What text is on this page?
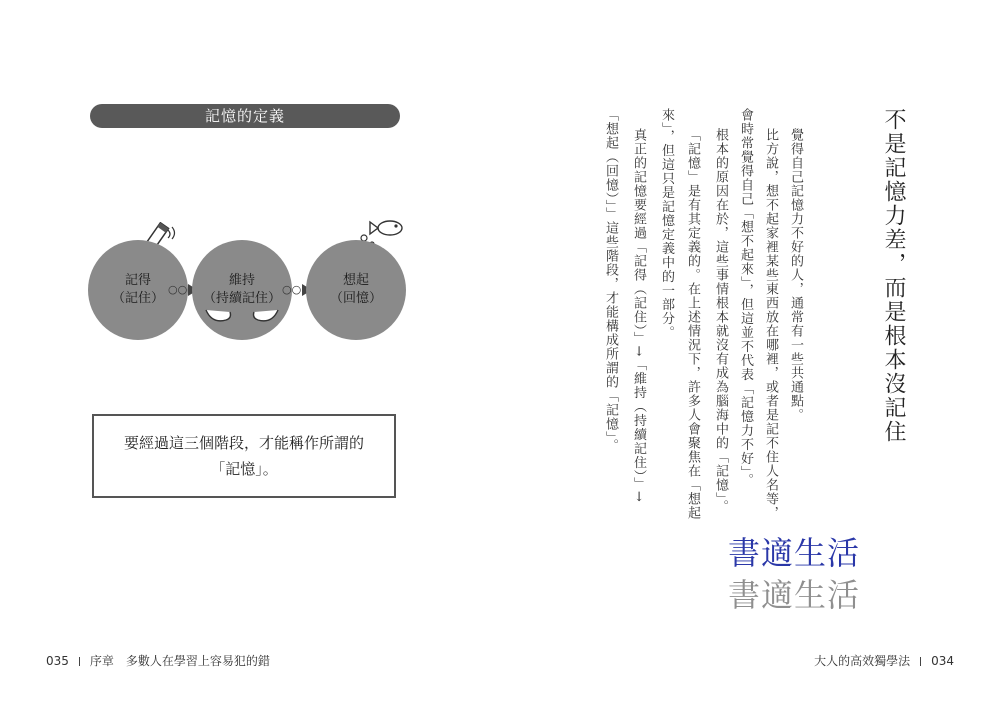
記憶的定義
記得
（記住）
○○
維持
（持續記住）
○○
想起
（回憶）
要經過這三個階段，才能稱作所謂的
「記憶」。
035 序章 多數人在學習上容易犯的錯
不是記憶力差，而是根本沒記住
覺得自己記憶力不好的人，通常有一些共通點。
比方說，想不起家裡某些東西放在哪裡，或者是記不住人名等，
會時常覺得自己「想不起來」，但這並不代表「記憶力不好」。
根本的原因在於，這些事情根本就沒有成為腦海中的「記憶」。
「記憶」是有其定義的。在上述情況下，許多人會聚焦在「想起
來」，但這只是記憶定義中的一部分。
真正的記憶要經過「記得（記住）」→「維持（持續記住）」→
「想起（回憶）」」這些階段，才能構成所謂的「記憶」。
書適生活
書適生活
大人的高效獨學法 034
